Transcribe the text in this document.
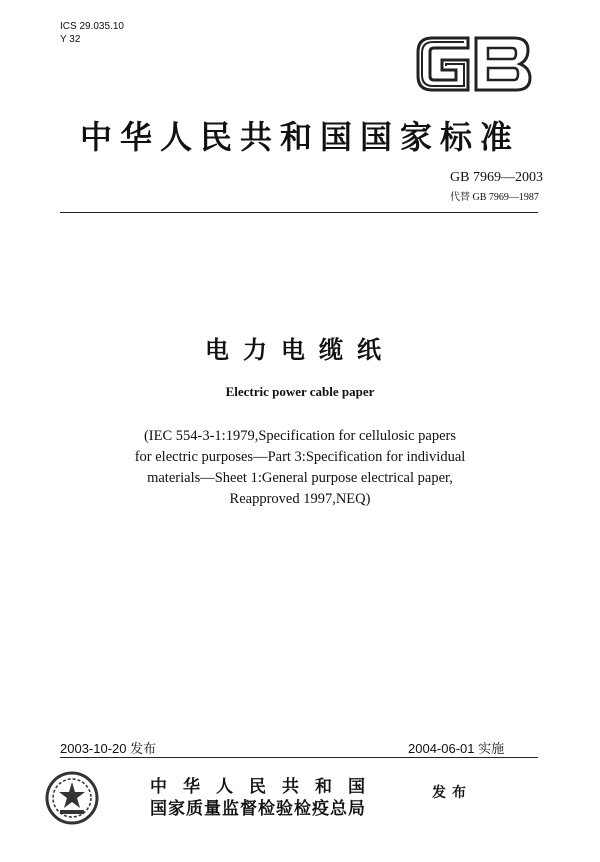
ICS 29.035.10
Y 32
中华人民共和国国家标准
GB 7969—2003
代替 GB 7969—1987
电力电缆纸
Electric power cable paper
(IEC 554-3-1:1979,Specification for cellulosic papers
for electric purposes—Part 3:Specification for individual
materials—Sheet 1:General purpose electrical paper,
Reapproved 1997,NEQ)
2003-10-20 发布	2004-06-01 实施
中华人民共和国
国家质量监督检验检疫总局
发布
